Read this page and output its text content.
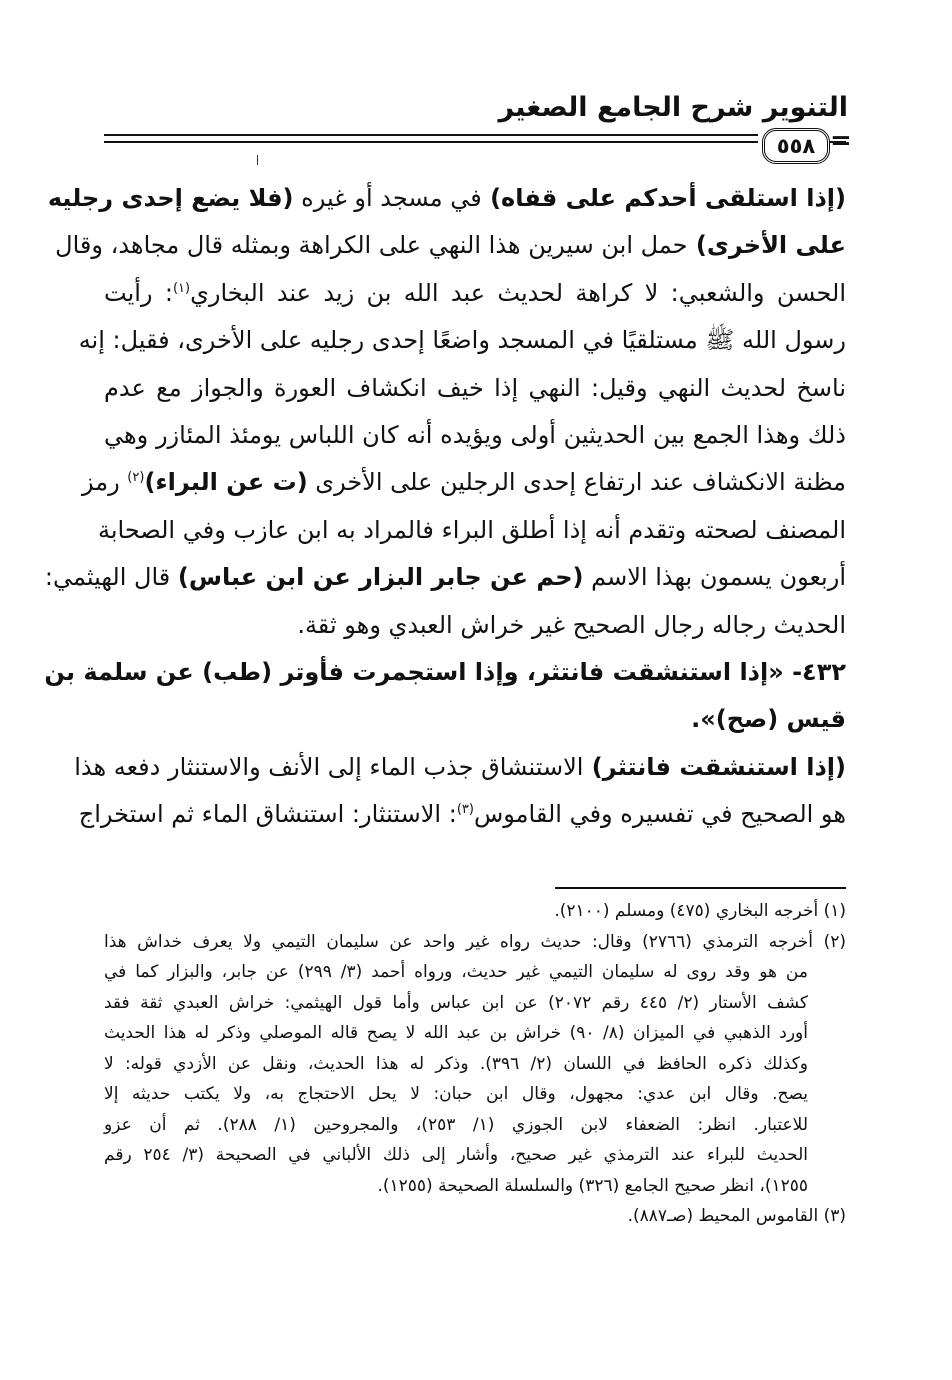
التنوير شرح الجامع الصغير
٥٥٨ =
(إذا استلقى أحدكم على قفاه) في مسجد أو غيره (فلا يضع إحدى رجليه
على الأخرى) حمل ابن سيرين هذا النهي على الكراهة وبمثله قال مجاهد، وقال
الحسن والشعبي: لا كراهة لحديث عبد الله بن زيد عند البخاري$^{(١)}$: رأيت
رسول الله ﷺ مستلقيًا في المسجد واضعًا إحدى رجليه على الأخرى، فقيل: إنه
ناسخ لحديث النهي وقيل: النهي إذا خيف انكشاف العورة والجواز مع عدم
ذلك وهذا الجمع بين الحديثين أولى ويؤيده أنه كان اللباس يومئذ المئازر وهي
مظنة الانكشاف عند ارتفاع إحدى الرجلين على الأخرى (ت عن البراء)$^{(٢)}$ رمز
المصنف لصحته وتقدم أنه إذا أطلق البراء فالمراد به ابن عازب وفي الصحابة
أربعون يسمون بهذا الاسم (حم عن جابر البزار عن ابن عباس) قال الهيثمي:
الحديث رجاله رجال الصحيح غير خراش العبدي وهو ثقة.
٤٣٢- «إذا استنشقت فانتثر، وإذا استجمرت فأوتر (طب) عن سلمة بن
قيس (صح)».
(إذا استنشقت فانتثر) الاستنشاق جذب الماء إلى الأنف والاستنثار دفعه هذا
هو الصحيح في تفسيره وفي القاموس$^{(٣)}$: الاستنثار: استنشاق الماء ثم استخراج
(١) أخرجه البخاري (٤٧٥) ومسلم (٢١٠٠).
(٢) أخرجه الترمذي (٢٧٦٦) وقال: حديث رواه غير واحد عن سليمان التيمي ولا يعرف خداش هذا
من هو وقد روى له سليمان التيمي غير حديث، ورواه أحمد (٣/ ٢٩٩) عن جابر، والبزار كما في
كشف الأستار (٢/ ٤٤٥ رقم ٢٠٧٢) عن ابن عباس وأما قول الهيثمي: خراش العبدي ثقة فقد
أورد الذهبي في الميزان (٨/ ٩٠) خراش بن عبد الله لا يصح قاله الموصلي وذكر له هذا الحديث
وكذلك ذكره الحافظ في اللسان (٢/ ٣٩٦). وذكر له هذا الحديث، ونقل عن الأزدي قوله: لا
يصح. وقال ابن عدي: مجهول، وقال ابن حبان: لا يحل الاحتجاج به، ولا يكتب حديثه إلا
للاعتبار. انظر: الضعفاء لابن الجوزي (١/ ٢٥٣)، والمجروحين (١/ ٢٨٨). ثم أن عزو
الحديث للبراء عند الترمذي غير صحيح، وأشار إلى ذلك الألباني في الصحيحة (٣/ ٢٥٤ رقم
١٢٥٥)، انظر صحيح الجامع (٣٢٦) والسلسلة الصحيحة (١٢٥٥).
(٣) القاموس المحيط (صـ٨٨٧).
